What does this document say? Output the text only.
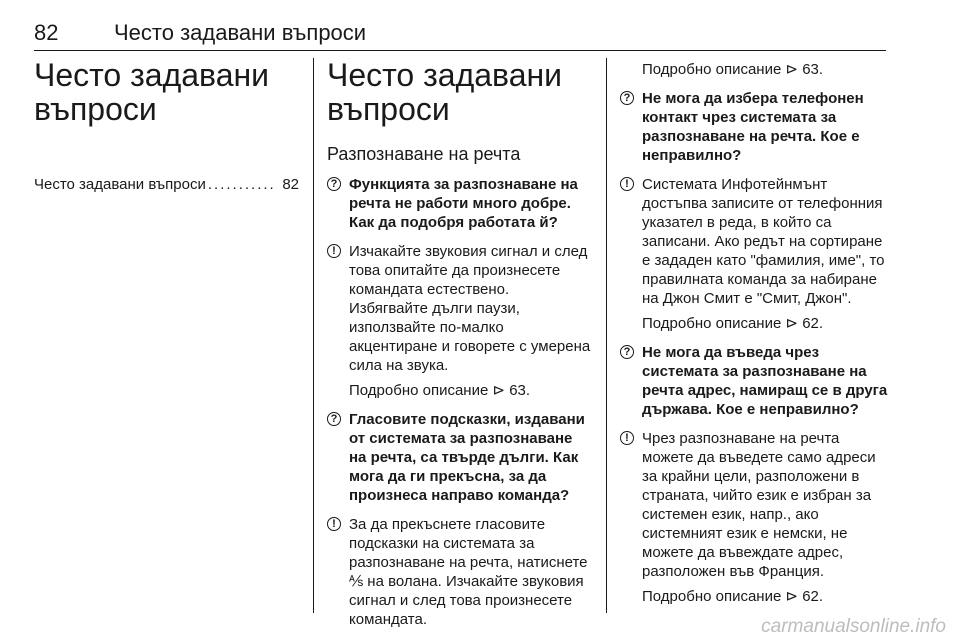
82	Често задавани въпроси
Често задавани въпроси
Често задавани въпроси ........... 82
Често задавани въпроси
Разпознаване на речта
? Функцията за разпознаване на речта не работи много добре. Как да подобря работата й?
! Изчакайте звуковия сигнал и след това опитайте да произнесете командата естествено. Избягвайте дълги паузи, използвайте по-малко акцентиране и говорете с умерена сила на звука.
Подробно описание ⊳ 63.
? Гласовите подсказки, издавани от системата за разпознаване на речта, са твърде дълги. Как мога да ги прекъсна, за да произнеса направо команда?
! За да прекъснете гласовите подсказки на системата за разпознаване на речта, натиснете ⅍ на волана. Изчакайте звуковия сигнал и след това произнесете командата.
Подробно описание ⊳ 63.
? Не мога да избера телефонен контакт чрез системата за разпознаване на речта. Кое е неправилно?
! Системата Инфотейнмънт достъпва записите от телефонния указател в реда, в който са записани. Ако редът на сортиране е зададен като "фамилия, име", то правилната команда за набиране на Джон Смит е "Смит, Джон".
Подробно описание ⊳ 62.
? Не мога да въведа чрез системата за разпознаване на речта адрес, намиращ се в друга държава. Кое е неправилно?
! Чрез разпознаване на речта можете да въведете само адреси за крайни цели, разположени в страната, чийто език е избран за системен език, напр., ако системният език е немски, не можете да въвеждате адрес, разположен във Франция.
Подробно описание ⊳ 62.
carmanualsonline.info
